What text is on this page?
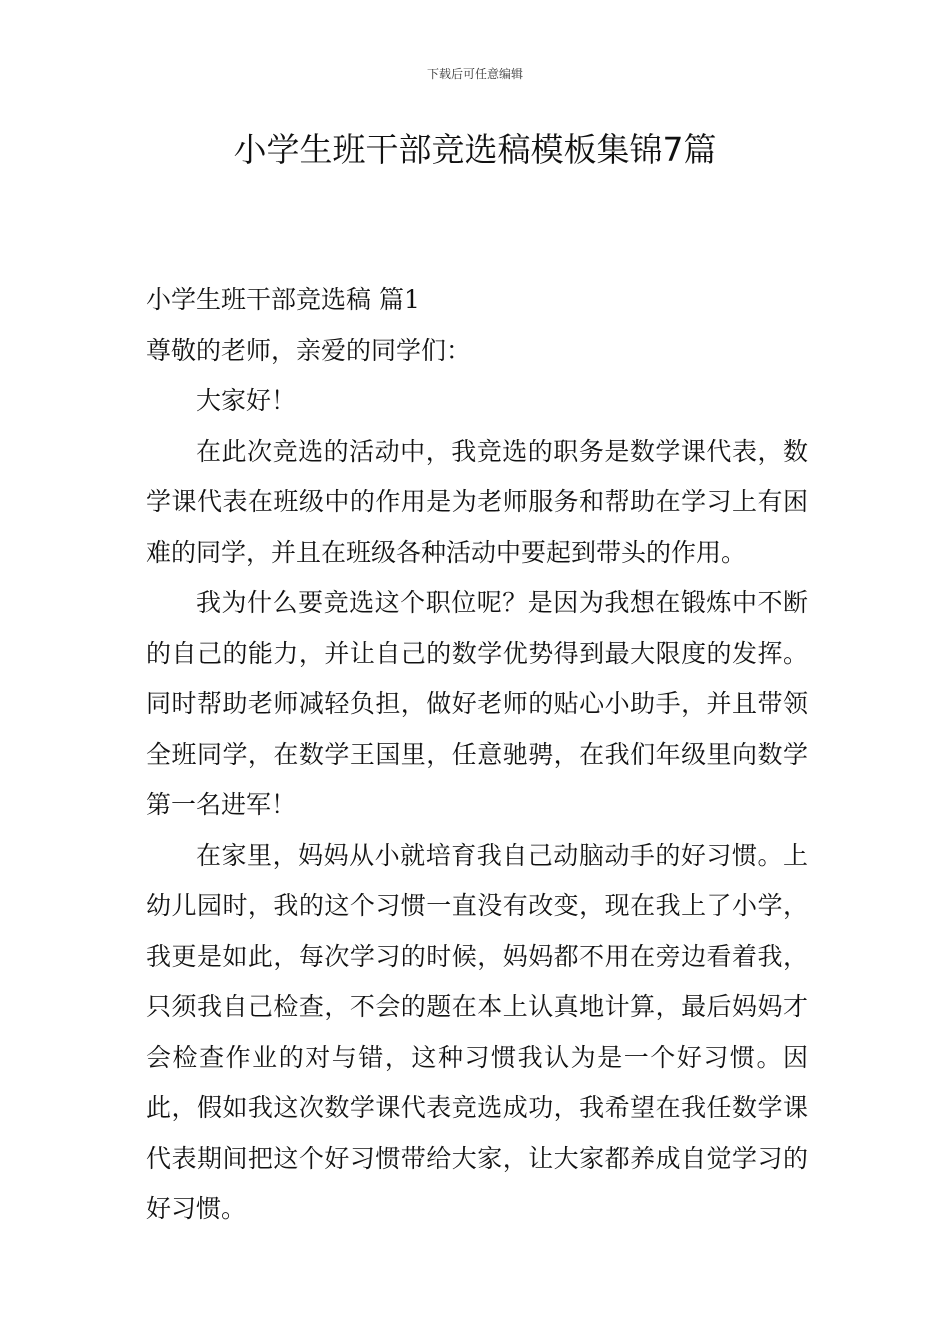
下载后可任意编辑
小学生班干部竞选稿模板集锦7篇

小学生班干部竞选稿 篇1

尊敬的老师，亲爱的同学们：

大家好！

在此次竞选的活动中，我竞选的职务是数学课代表，数学课代表在班级中的作用是为老师服务和帮助在学习上有困难的同学，并且在班级各种活动中要起到带头的作用。

我为什么要竞选这个职位呢？是因为我想在锻炼中不断的自己的能力，并让自己的数学优势得到最大限度的发挥。同时帮助老师减轻负担，做好老师的贴心小助手，并且带领全班同学，在数学王国里，任意驰骋，在我们年级里向数学第一名进军！

在家里，妈妈从小就培育我自己动脑动手的好习惯。上幼儿园时，我的这个习惯一直没有改变，现在我上了小学，我更是如此，每次学习的时候，妈妈都不用在旁边看着我，只须我自己检查，不会的题在本上认真地计算，最后妈妈才会检查作业的对与错，这种习惯我认为是一个好习惯。因此，假如我这次数学课代表竞选成功，我希望在我任数学课代表期间把这个好习惯带给大家，让大家都养成自觉学习的好习惯。
